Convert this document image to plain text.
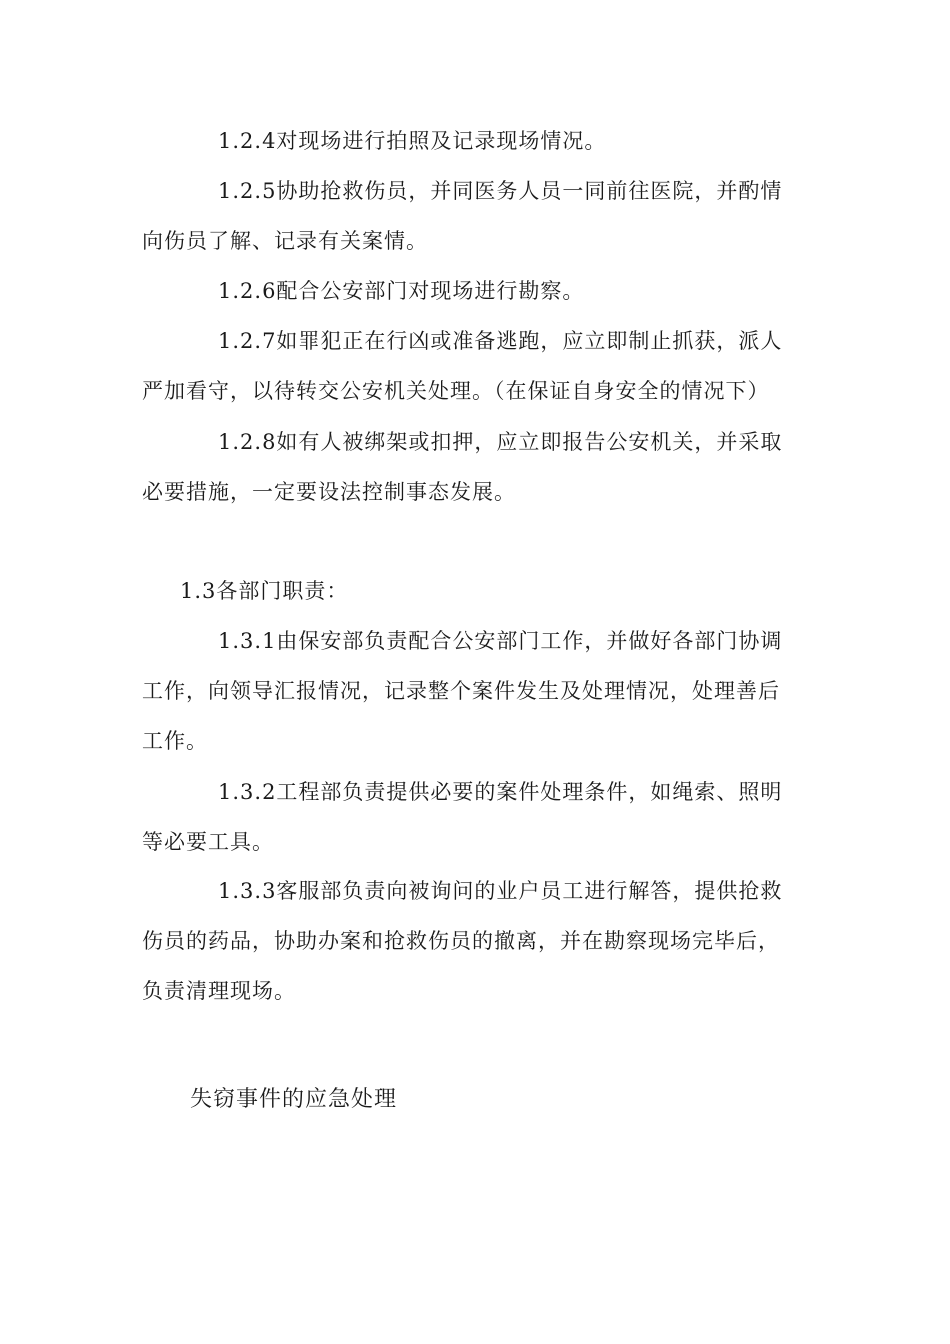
1.2.4对现场进行拍照及记录现场情况。

1.2.5协助抢救伤员，并同医务人员一同前往医院，并酌情向伤员了解、记录有关案情。

1.2.6配合公安部门对现场进行勘察。

1.2.7如罪犯正在行凶或准备逃跑，应立即制止抓获，派人严加看守，以待转交公安机关处理。（在保证自身安全的情况下）

1.2.8如有人被绑架或扣押，应立即报告公安机关，并采取必要措施，一定要设法控制事态发展。

1.3各部门职责：

1.3.1由保安部负责配合公安部门工作，并做好各部门协调工作，向领导汇报情况，记录整个案件发生及处理情况，处理善后工作。

1.3.2工程部负责提供必要的案件处理条件，如绳索、照明等必要工具。

1.3.3客服部负责向被询问的业户员工进行解答，提供抢救伤员的药品，协助办案和抢救伤员的撤离，并在勘察现场完毕后，负责清理现场。

失窃事件的应急处理
